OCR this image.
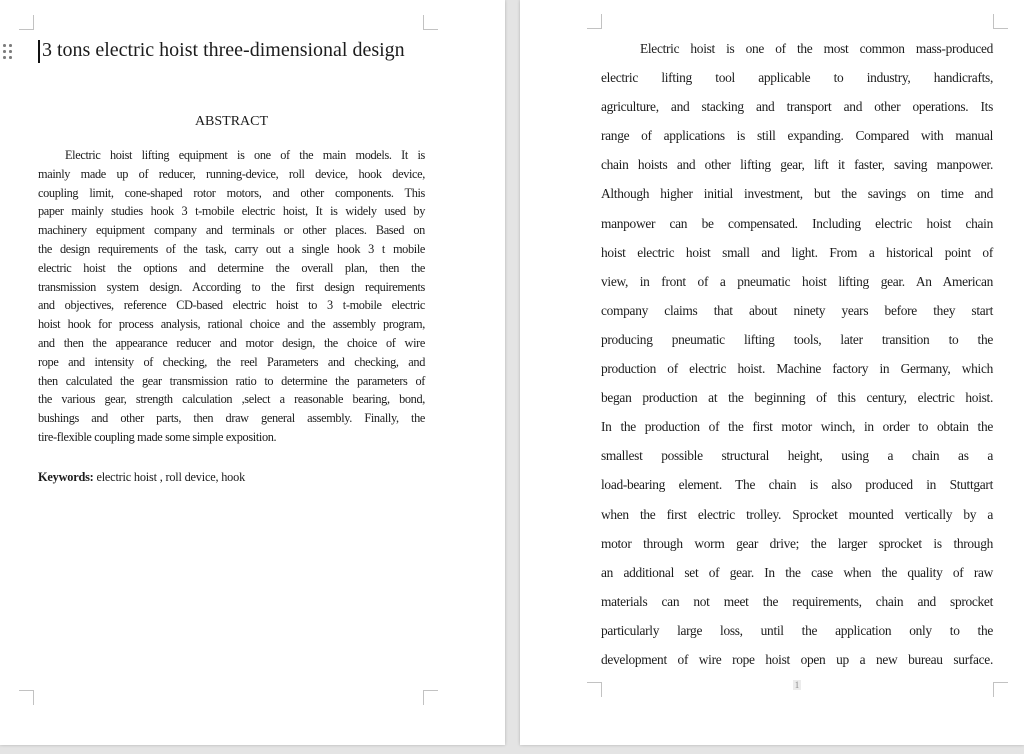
3 tons electric hoist three-dimensional design
ABSTRACT
Electric hoist lifting equipment is one of the main models. It is
mainly made up of reducer, running-device, roll device, hook device,
coupling limit, cone-shaped rotor motors, and other components. This
paper mainly studies hook 3 t-mobile electric hoist, It is widely used by
machinery equipment company and terminals or other places. Based on
the design requirements of the task, carry out a single hook 3 t mobile
electric hoist the options and determine the overall plan, then the
transmission system design. According to the first design requirements
and objectives, reference CD-based electric hoist to 3 t-mobile electric
hoist hook for process analysis, rational choice and the assembly program,
and then the appearance reducer and motor design, the choice of wire
rope and intensity of checking, the reel Parameters and checking, and
then calculated the gear transmission ratio to determine the parameters of
the various gear, strength calculation ,select a reasonable bearing, bond,
bushings and other parts, then draw general assembly. Finally, the
tire-flexible coupling made some simple exposition.
Keywords: electric hoist , roll device, hook
Electric hoist is one of the most common mass-produced
electric lifting tool applicable to industry, handicrafts,
agriculture, and stacking and transport and other operations. Its
range of applications is still expanding. Compared with manual
chain hoists and other lifting gear, lift it faster, saving manpower.
Although higher initial investment, but the savings on time and
manpower can be compensated. Including electric hoist chain
hoist electric hoist small and light. From a historical point of
view, in front of a pneumatic hoist lifting gear. An American
company claims that about ninety years before they start
producing pneumatic lifting tools, later transition to the
production of electric hoist. Machine factory in Germany, which
began production at the beginning of this century, electric hoist.
In the production of the first motor winch, in order to obtain the
smallest possible structural height, using a chain as a
load-bearing element. The chain is also produced in Stuttgart
when the first electric trolley. Sprocket mounted vertically by a
motor through worm gear drive; the larger sprocket is through
an additional set of gear. In the case when the quality of raw
materials can not meet the requirements, chain and sprocket
particularly large loss, until the application only to the
development of wire rope hoist open up a new bureau surface.
1
